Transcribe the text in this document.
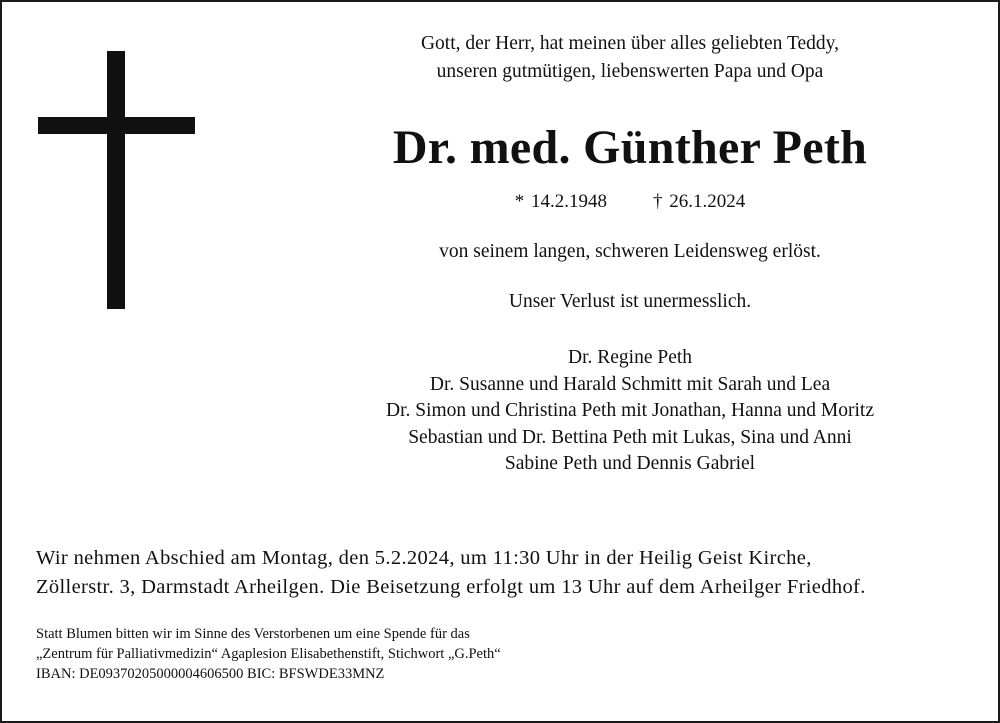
Gott, der Herr, hat meinen über alles geliebten Teddy,
unseren gutmütigen, liebenswerten Papa und Opa
Dr. med. Günther Peth
* 14.2.1948 † 26.1.2024
von seinem langen, schweren Leidensweg erlöst.
Unser Verlust ist unermesslich.
Dr. Regine Peth
Dr. Susanne und Harald Schmitt mit Sarah und Lea
Dr. Simon und Christina Peth mit Jonathan, Hanna und Moritz
Sebastian und Dr. Bettina Peth mit Lukas, Sina und Anni
Sabine Peth und Dennis Gabriel
Wir nehmen Abschied am Montag, den 5.2.2024, um 11:30 Uhr in der Heilig Geist Kirche,
Zöllerstr. 3, Darmstadt Arheilgen. Die Beisetzung erfolgt um 13 Uhr auf dem Arheilger Friedhof.
Statt Blumen bitten wir im Sinne des Verstorbenen um eine Spende für das
„Zentrum für Palliativmedizin“ Agaplesion Elisabethenstift, Stichwort „G.Peth“
IBAN: DE09370205000004606500 BIC: BFSWDE33MNZ
